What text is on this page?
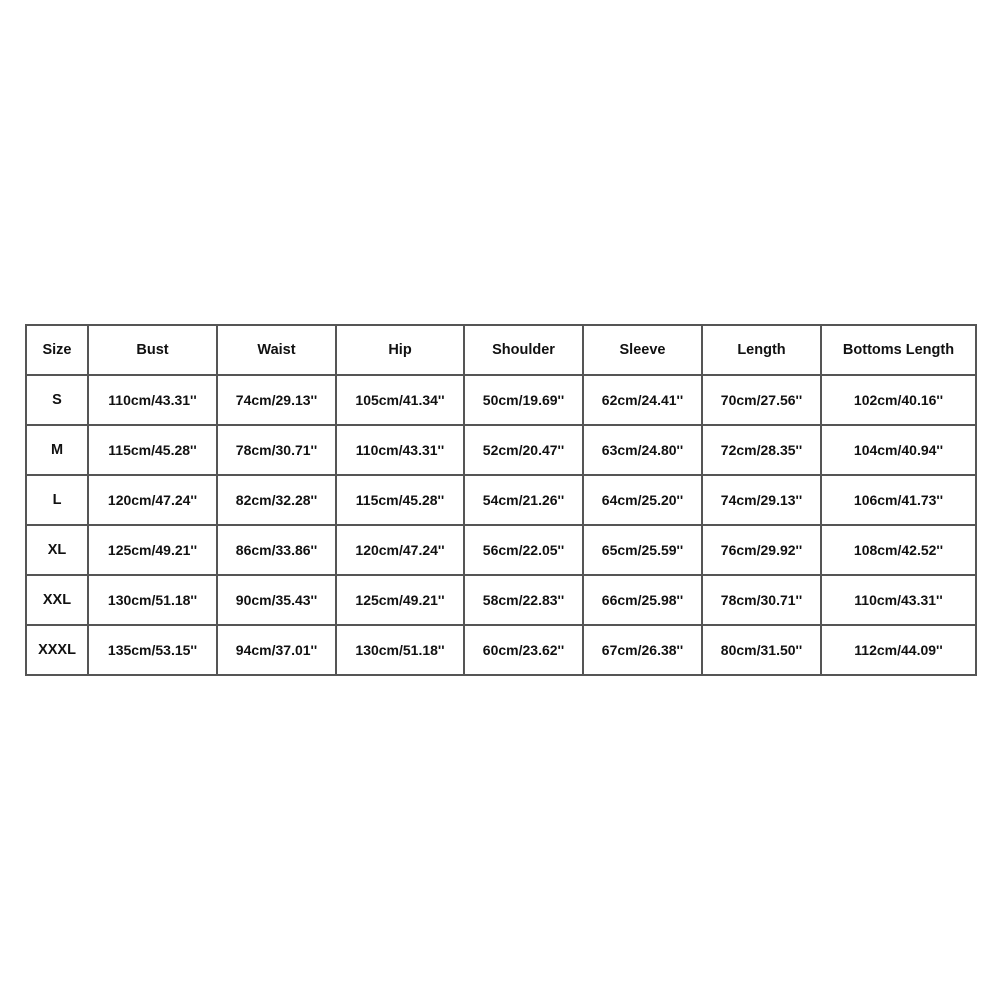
Size	Bust	Waist	Hip	Shoulder	Sleeve	Length	Bottoms Length
S	110cm/43.31''	74cm/29.13''	105cm/41.34''	50cm/19.69''	62cm/24.41''	70cm/27.56''	102cm/40.16''
M	115cm/45.28''	78cm/30.71''	110cm/43.31''	52cm/20.47''	63cm/24.80''	72cm/28.35''	104cm/40.94''
L	120cm/47.24''	82cm/32.28''	115cm/45.28''	54cm/21.26''	64cm/25.20''	74cm/29.13''	106cm/41.73''
XL	125cm/49.21''	86cm/33.86''	120cm/47.24''	56cm/22.05''	65cm/25.59''	76cm/29.92''	108cm/42.52''
XXL	130cm/51.18''	90cm/35.43''	125cm/49.21''	58cm/22.83''	66cm/25.98''	78cm/30.71''	110cm/43.31''
XXXL	135cm/53.15''	94cm/37.01''	130cm/51.18''	60cm/23.62''	67cm/26.38''	80cm/31.50''	112cm/44.09''
